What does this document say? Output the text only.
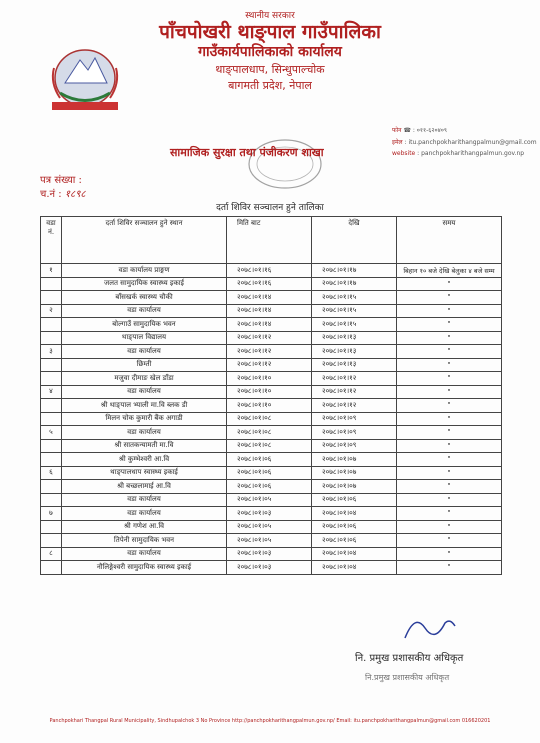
स्थानीय सरकार
पाँचपोखरी थाङ्पाल गाउँपालिका
गाउँकार्यपालिकाको कार्यालय
थाङ्पालधाप, सिन्धुपाल्चोक
बागमती प्रदेश, नेपाल
फोन ☎ : ०११-६२०४०९
इमेल : itu.panchpokharithangpalmun@gmail.com
website : panchpokharithangpalmun.gov.np
सामाजिक सुरक्षा तथा पंजीकरण शाखा
पत्र संख्या :
च.नं : १८९८
दर्ता शिविर सञ्चालन हुने तालिका
वडा नं.	दर्ता शिविर सञ्चालन हुने स्थान	मिति बाट	देखि	समय
१	वडा कार्यालय प्राङ्गण	२०७८।०१।१६	२०७८।०१।१७	बिहान १० बजे देखि बेलुका ४ बजे सम्म
	जलत सामुदायिक स्वास्थ्य इकाई	२०७८।०१।१६	२०७८।०१।१७	"
	बाँसखर्क स्वास्थ्य चौकी	२०७८।०१।१४	२०७८।०१।१५	"
२	वडा कार्यालय	२०७८।०१।१४	२०७८।०१।१५	"
	बोल्गाउँ सामुदायिक भवन	२०७८।०१।१४	२०७८।०१।१५	"
	थाङ्पाल विद्यालय	२०७८।०१।१२	२०७८।०१।१३	"
३	वडा कार्यालय	२०७८।०१।१२	२०७८।०१।१३	"
	छिम्ती	२०७८।०१।१२	२०७८।०१।१३	"
	मजुवा दीमाङ खेल डाँडा	२०७८।०१।१०	२०७८।०१।१२	"
४	वडा कार्यालय	२०७८।०१।१०	२०७८।०१।१२	"
	श्री थाङ्पाल भ्याली मा.वि ब्लक डी	२०७८।०१।१०	२०७८।०१।१२	"
	मिलन चोक कुमारी बैंक अगाडी	२०७८।०१।०८	२०७८।०१।०९	"
५	वडा कार्यालय	२०७८।०१।०८	२०७८।०१।०९	"
	श्री सातकन्यामती मा.वि	२०७८।०१।०८	२०७८।०१।०९	"
	श्री कुम्भेश्वरी आ.वि	२०७८।०१।०६	२०७८।०१।०७	"
६	थाङ्पालधाप स्वास्थ्य इकाई	२०७८।०१।०६	२०७८।०१।०७	"
	श्री बच्छलामाई आ.वि	२०७८।०१।०६	२०७८।०१।०७	"
	वडा कार्यालय	२०७८।०१।०५	२०७८।०१।०६	"
७	वडा कार्यालय	२०७८।०१।०३	२०७८।०१।०४	"
	श्री गणेश आ.वि	२०७८।०१।०५	२०७८।०१।०६	"
	तिपेनी सामुदायिक भवन	२०७८।०१।०५	२०७८।०१।०६	"
८	वडा कार्यालय	२०७८।०१।०३	२०७८।०१।०४	"
	नौलिङ्गेश्वरी सामुदायिक स्वास्थ्य इकाई	२०७८।०१।०३	२०७८।०१।०४	"
नि. प्रमुख प्रशासकीय अधिकृत
नि.प्रमुख प्रशासकीय अधिकृत
Panchpokhari Thangpal Rural Municipality, Sindhupalchok 3 No Province http://panchpokharithangpalmun.gov.np/ Email: itu.panchpokharithangpalmun@gmail.com 016620201
